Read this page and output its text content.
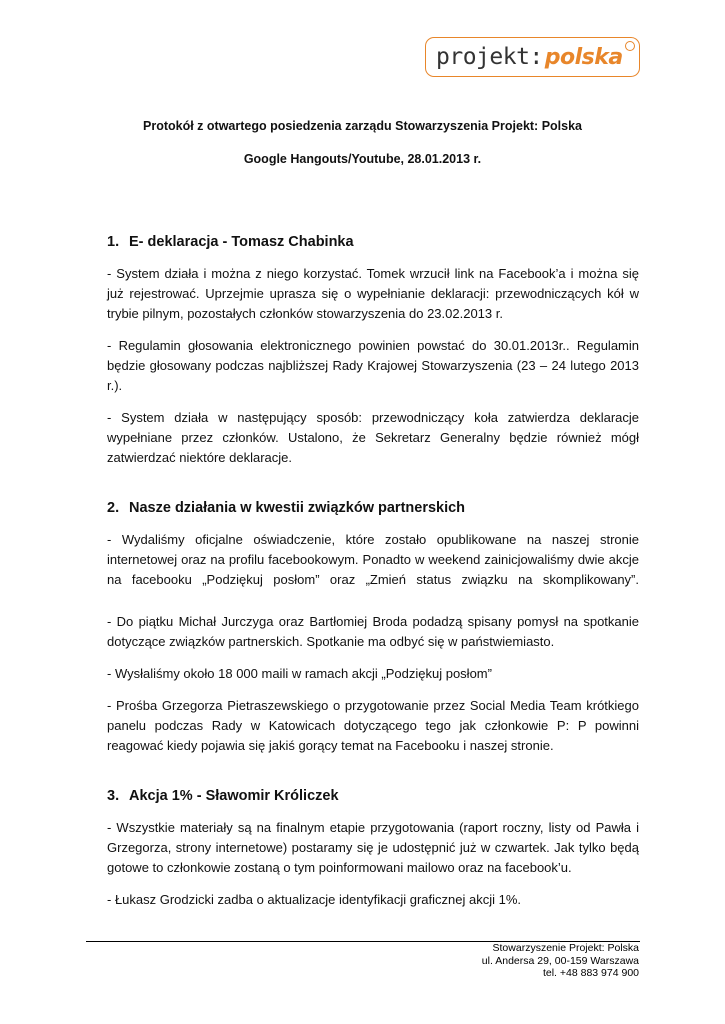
projekt: polska
Protokół z otwartego posiedzenia zarządu Stowarzyszenia Projekt: Polska
Google Hangouts/Youtube, 28.01.2013 r.
1. E- deklaracja - Tomasz Chabinka

- System działa i można z niego korzystać. Tomek wrzucił link na Facebook’a i można się już rejestrować. Uprzejmie uprasza się o wypełnianie deklaracji: przewodniczących kół w trybie pilnym, pozostałych członków stowarzyszenia do 23.02.2013 r.

- Regulamin głosowania elektronicznego powinien powstać do 30.01.2013r.. Regulamin będzie głosowany podczas najbliższej Rady Krajowej Stowarzyszenia (23 – 24 lutego 2013 r.).

- System działa w następujący sposób: przewodniczący koła zatwierdza deklaracje wypełniane przez członków. Ustalono, że Sekretarz Generalny będzie również mógł zatwierdzać niektóre deklaracje.

2. Nasze działania w kwestii związków partnerskich

- Wydaliśmy oficjalne oświadczenie, które zostało opublikowane na naszej stronie internetowej oraz na profilu facebookowym. Ponadto w weekend zainicjowaliśmy dwie akcje na facebooku „Podziękuj posłom” oraz „Zmień status związku na skomplikowany”.

- Do piątku Michał Jurczyga oraz Bartłomiej Broda podadzą spisany pomysł na spotkanie dotyczące związków partnerskich. Spotkanie ma odbyć się w państwiemiasto.

- Wysłaliśmy około 18 000 maili w ramach akcji „Podziękuj posłom”

- Prośba Grzegorza Pietraszewskiego o przygotowanie przez Social Media Team krótkiego panelu podczas Rady w Katowicach dotyczącego tego jak członkowie P: P powinni reagować kiedy pojawia się jakiś gorący temat na Facebooku i naszej stronie.

3. Akcja 1% - Sławomir Króliczek

- Wszystkie materiały są na finalnym etapie przygotowania (raport roczny, listy od Pawła i Grzegorza, strony internetowe) postaramy się je udostępnić już w czwartek. Jak tylko będą gotowe to członkowie zostaną o tym poinformowani mailowo oraz na facebook’u.

- Łukasz Grodzicki zadba o aktualizacje identyfikacji graficznej akcji 1%.

Stowarzyszenie Projekt: Polska
ul. Andersa 29, 00-159 Warszawa
tel. +48 883 974 900
